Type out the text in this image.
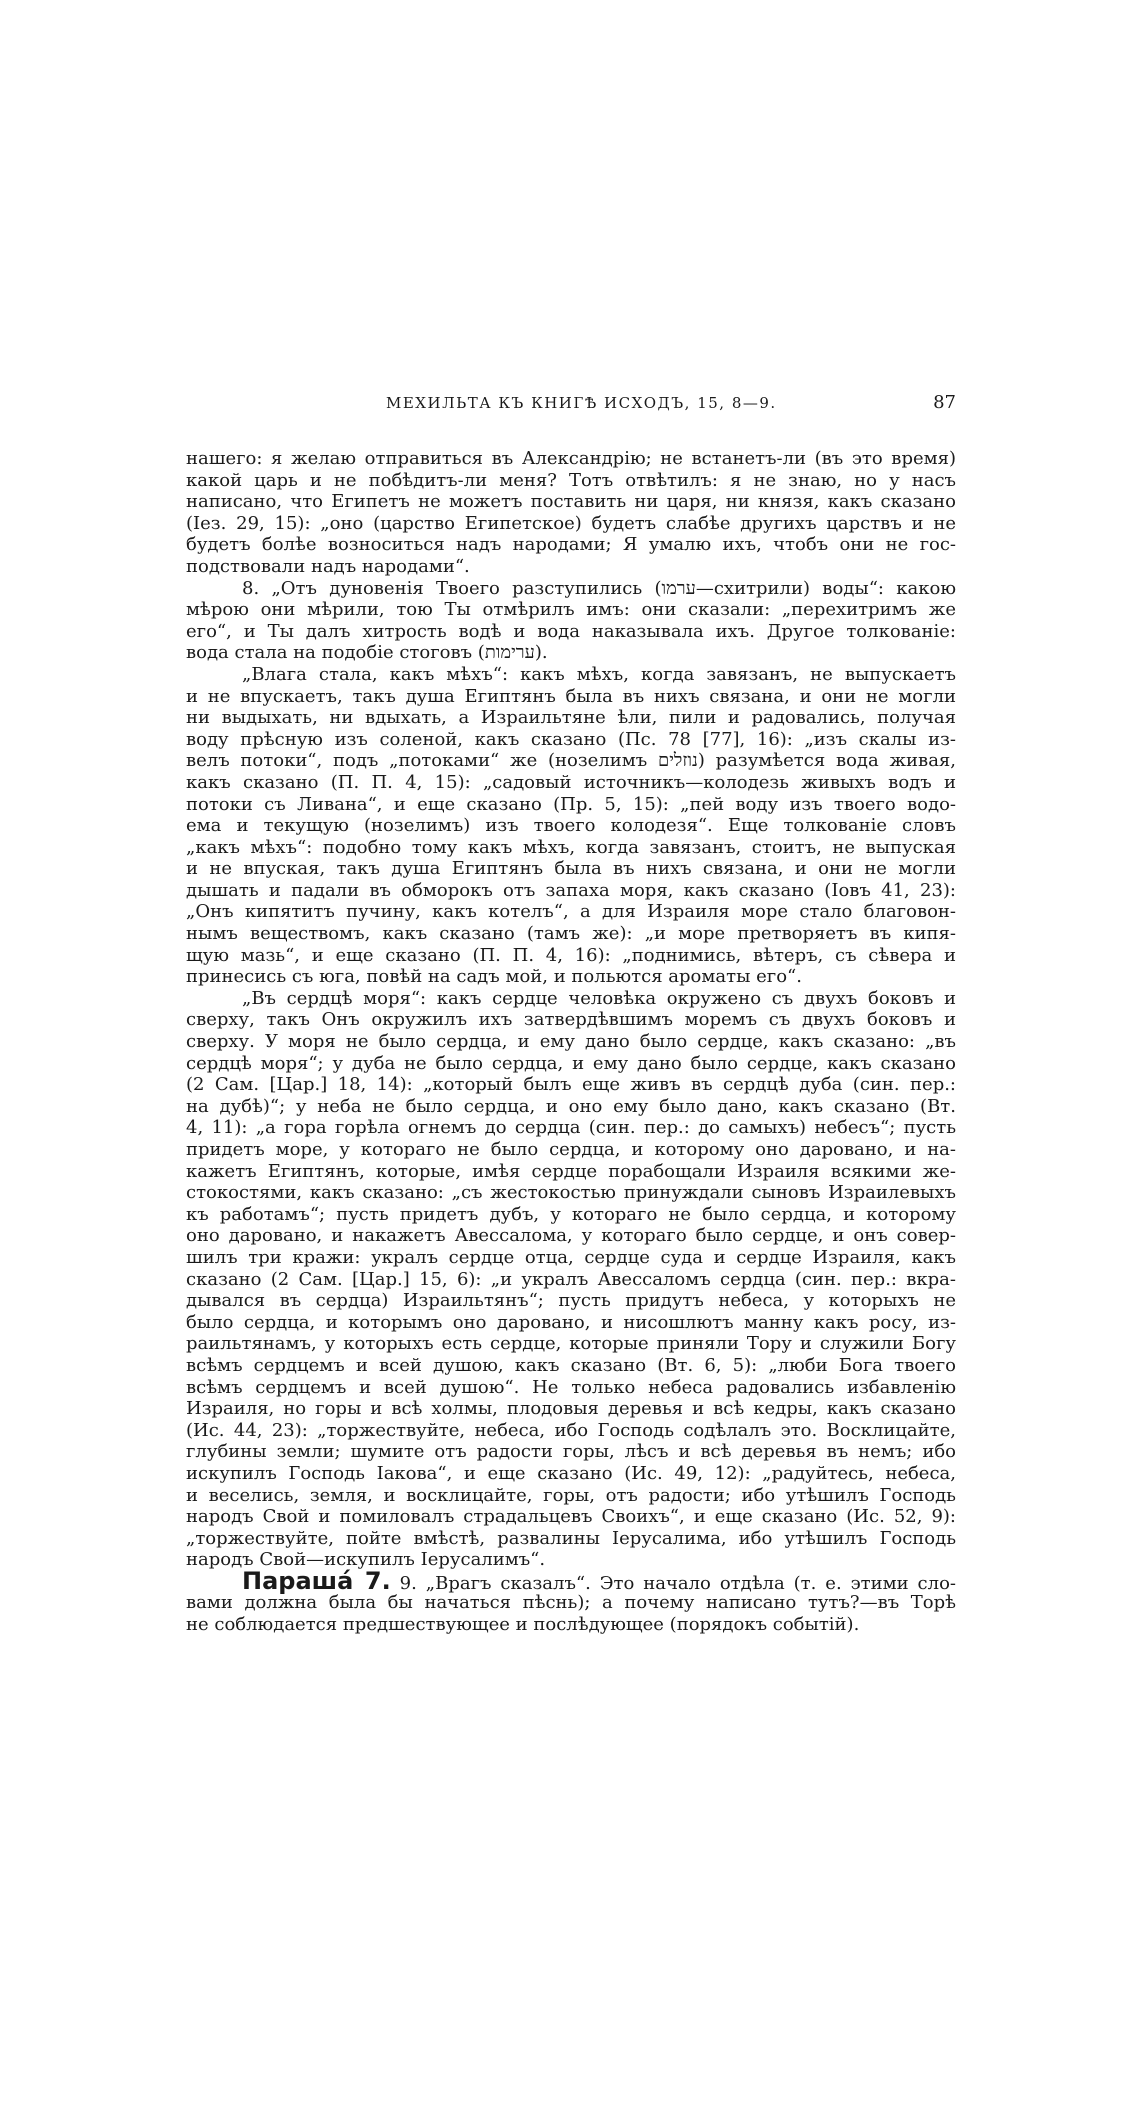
МЕХИЛЬТА КЪ КНИГѢ ИСХОДЪ, 15, 8—9.	87
нашего: я желаю отправиться въ Александрію; не встанетъ-ли (въ это время)
какой царь и не побѣдитъ-ли меня? Тотъ отвѣтилъ: я не знаю, но у насъ
написано, что Египетъ не можетъ поставить ни царя, ни князя, какъ сказано
(Іез. 29, 15): „оно (царство Египетское) будетъ слабѣе другихъ царствъ и не
будетъ болѣе возноситься надъ народами; Я умалю ихъ, чтобъ они не гос-
подствовали надъ народами“.
8. „Отъ дуновенія Твоего разступились (ערמו—схитрили) воды“: какою
мѣрою они мѣрили, тою Ты отмѣрилъ имъ: они сказали: „перехитримъ же
его“, и Ты далъ хитрость водѣ и вода наказывала ихъ. Другое толкованіе:
вода стала на подобіе стоговъ (ערימות).
„Влага стала, какъ мѣхъ“: какъ мѣхъ, когда завязанъ, не выпускаетъ
и не впускаетъ, такъ душа Египтянъ была въ нихъ связана, и они не могли
ни выдыхать, ни вдыхать, а Израильтяне ѣли, пили и радовались, получая
воду прѣсную изъ соленой, какъ сказано (Пс. 78 [77], 16): „изъ скалы из-
велъ потоки“, подъ „потоками“ же (нозелимъ נוזלים) разумѣется вода живая,
какъ сказано (П. П. 4, 15): „садовый источникъ—колодезь живыхъ водъ и
потоки съ Ливана“, и еще сказано (Пр. 5, 15): „пей воду изъ твоего водо-
ема и текущую (нозелимъ) изъ твоего колодезя“. Еще толкованіе словъ
„какъ мѣхъ“: подобно тому какъ мѣхъ, когда завязанъ, стоитъ, не выпуская
и не впуская, такъ душа Египтянъ была въ нихъ связана, и они не могли
дышать и падали въ обморокъ отъ запаха моря, какъ сказано (Іовъ 41, 23):
„Онъ кипятитъ пучину, какъ котелъ“, а для Израиля море стало благовон-
нымъ веществомъ, какъ сказано (тамъ же): „и море претворяетъ въ кипя-
щую мазь“, и еще сказано (П. П. 4, 16): „поднимись, вѣтеръ, съ сѣвера и
принесись съ юга, повѣй на садъ мой, и польются ароматы его“.
„Въ сердцѣ моря“: какъ сердце человѣка окружено съ двухъ боковъ и
сверху, такъ Онъ окружилъ ихъ затвердѣвшимъ моремъ съ двухъ боковъ и
сверху. У моря не было сердца, и ему дано было сердце, какъ сказано: „въ
сердцѣ моря“; у дуба не было сердца, и ему дано было сердце, какъ сказано
(2 Сам. [Цар.] 18, 14): „который былъ еще живъ въ сердцѣ дуба (син. пер.:
на дубѣ)“; у неба не было сердца, и оно ему было дано, какъ сказано (Вт.
4, 11): „а гора горѣла огнемъ до сердца (син. пер.: до самыхъ) небесъ“; пусть
придетъ море, у котораго не было сердца, и которому оно даровано, и на-
кажетъ Египтянъ, которые, имѣя сердце порабощали Израиля всякими же-
стокостями, какъ сказано: „съ жестокостью принуждали сыновъ Израилевыхъ
къ работамъ“; пусть придетъ дубъ, у котораго не было сердца, и которому
оно даровано, и накажетъ Авессалома, у котораго было сердце, и онъ совер-
шилъ три кражи: укралъ сердце отца, сердце суда и сердце Израиля, какъ
сказано (2 Сам. [Цар.] 15, 6): „и укралъ Авессаломъ сердца (син. пер.: вкра-
дывался въ сердца) Израильтянъ“; пусть придутъ небеса, у которыхъ не
было сердца, и которымъ оно даровано, и нисошлютъ манну какъ росу, из-
раильтянамъ, у которыхъ есть сердце, которые приняли Тору и служили Богу
всѣмъ сердцемъ и всей душою, какъ сказано (Вт. 6, 5): „люби Бога твоего
всѣмъ сердцемъ и всей душою“. Не только небеса радовались избавленію
Израиля, но горы и всѣ холмы, плодовыя деревья и всѣ кедры, какъ сказано
(Ис. 44, 23): „торжествуйте, небеса, ибо Господь содѣлалъ это. Восклицайте,
глубины земли; шумите отъ радости горы, лѣсъ и всѣ деревья въ немъ; ибо
искупилъ Господь Іакова“, и еще сказано (Ис. 49, 12): „радуйтесь, небеса,
и веселись, земля, и восклицайте, горы, отъ радости; ибо утѣшилъ Господь
народъ Свой и помиловалъ страдальцевъ Своихъ“, и еще сказано (Ис. 52, 9):
„торжествуйте, пойте вмѣстѣ, развалины Іерусалима, ибо утѣшилъ Господь
народъ Свой—искупилъ Іерусалимъ“.
Параша́ 7. 9. „Врагъ сказалъ“. Это начало отдѣла (т. е. этими сло-
вами должна была бы начаться пѣснь); а почему написано тутъ?—въ Торѣ
не соблюдается предшествующее и послѣдующее (порядокъ событій).
